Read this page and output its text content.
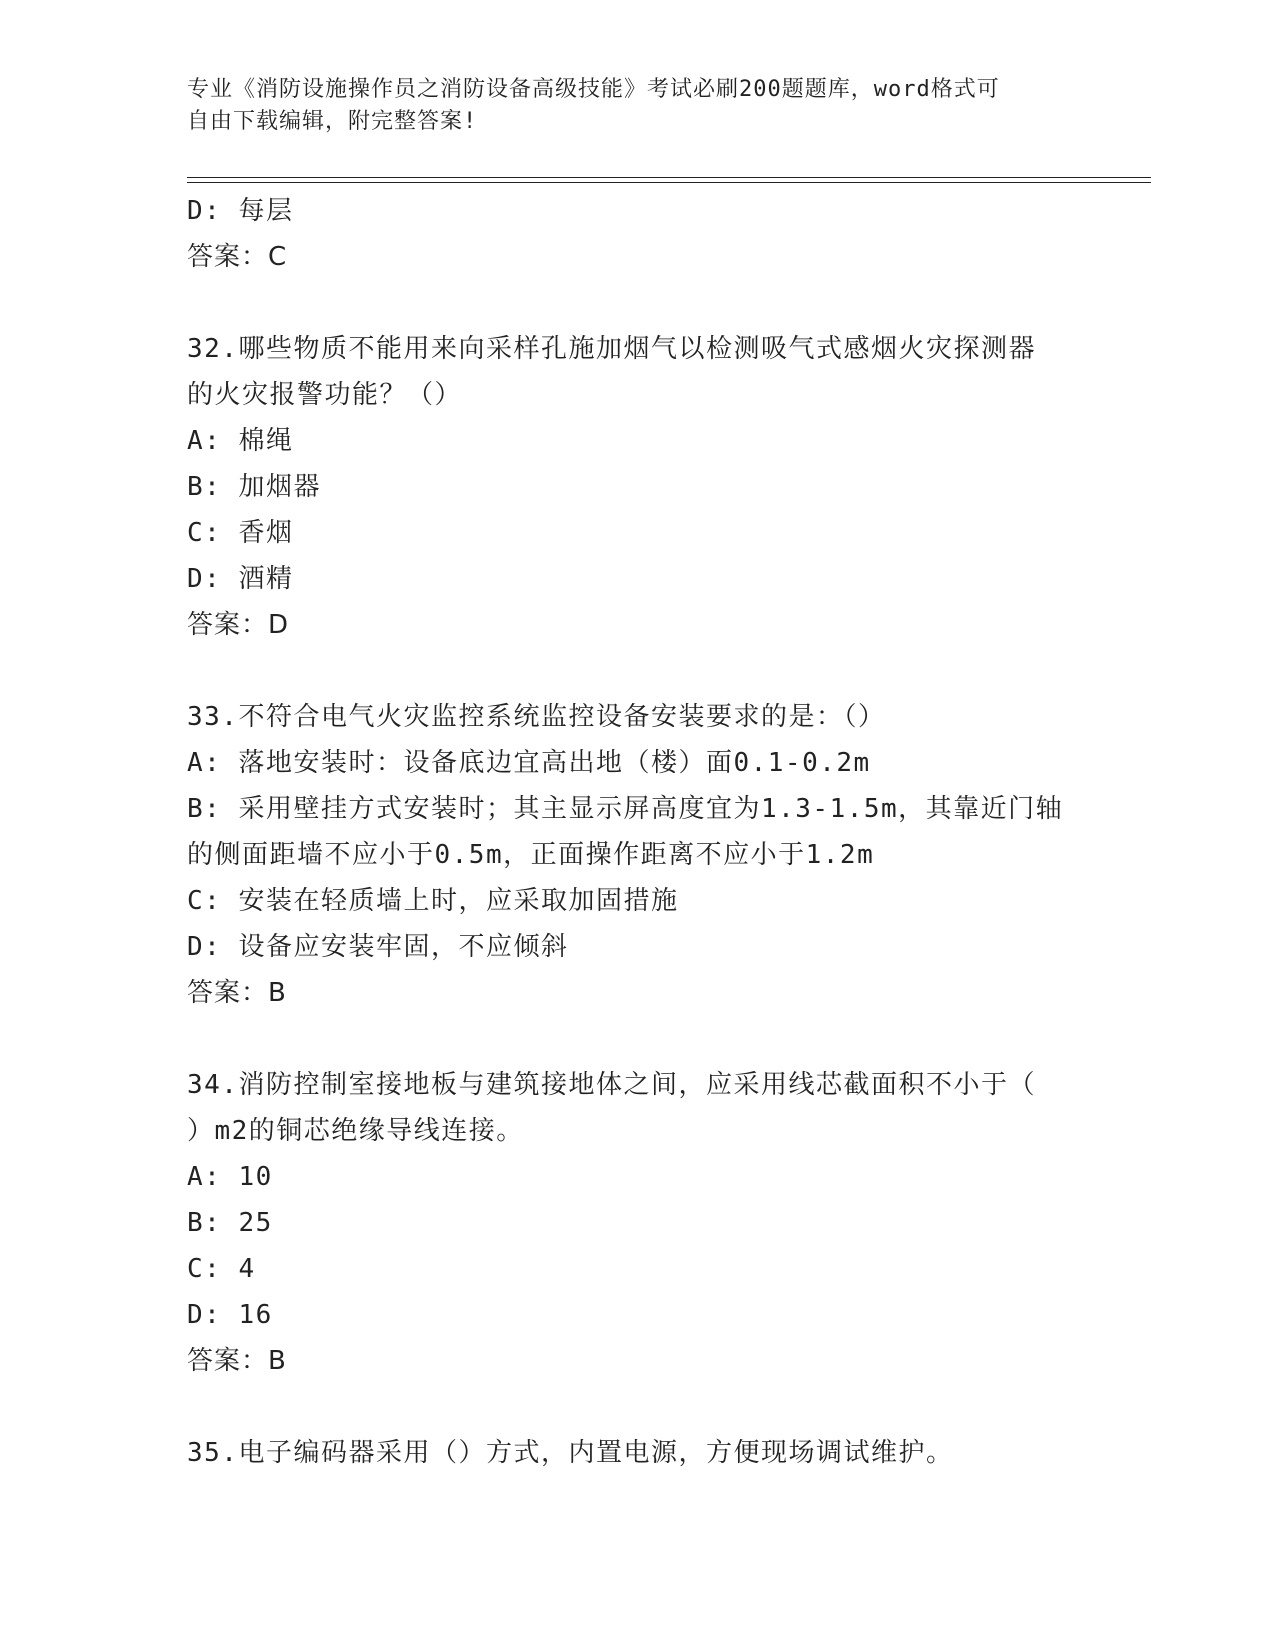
专业《消防设施操作员之消防设备高级技能》考试必刷200题题库，word格式可
自由下载编辑，附完整答案!
D: 每层
答案：C
32.哪些物质不能用来向采样孔施加烟气以检测吸气式感烟火灾探测器
的火灾报警功能？（）
A: 棉绳
B: 加烟器
C: 香烟
D: 酒精
答案：D
33.不符合电气火灾监控系统监控设备安装要求的是：（）
A: 落地安装时：设备底边宜高出地（楼）面0.1-0.2m
B: 采用壁挂方式安装时；其主显示屏高度宜为1.3-1.5m，其靠近门轴
的侧面距墙不应小于0.5m，正面操作距离不应小于1.2m
C: 安装在轻质墙上时，应采取加固措施
D: 设备应安装牢固，不应倾斜
答案：B
34.消防控制室接地板与建筑接地体之间，应采用线芯截面积不小于（
）m2的铜芯绝缘导线连接。
A: 10
B: 25
C: 4
D: 16
答案：B
35.电子编码器采用（）方式，内置电源，方便现场调试维护。
